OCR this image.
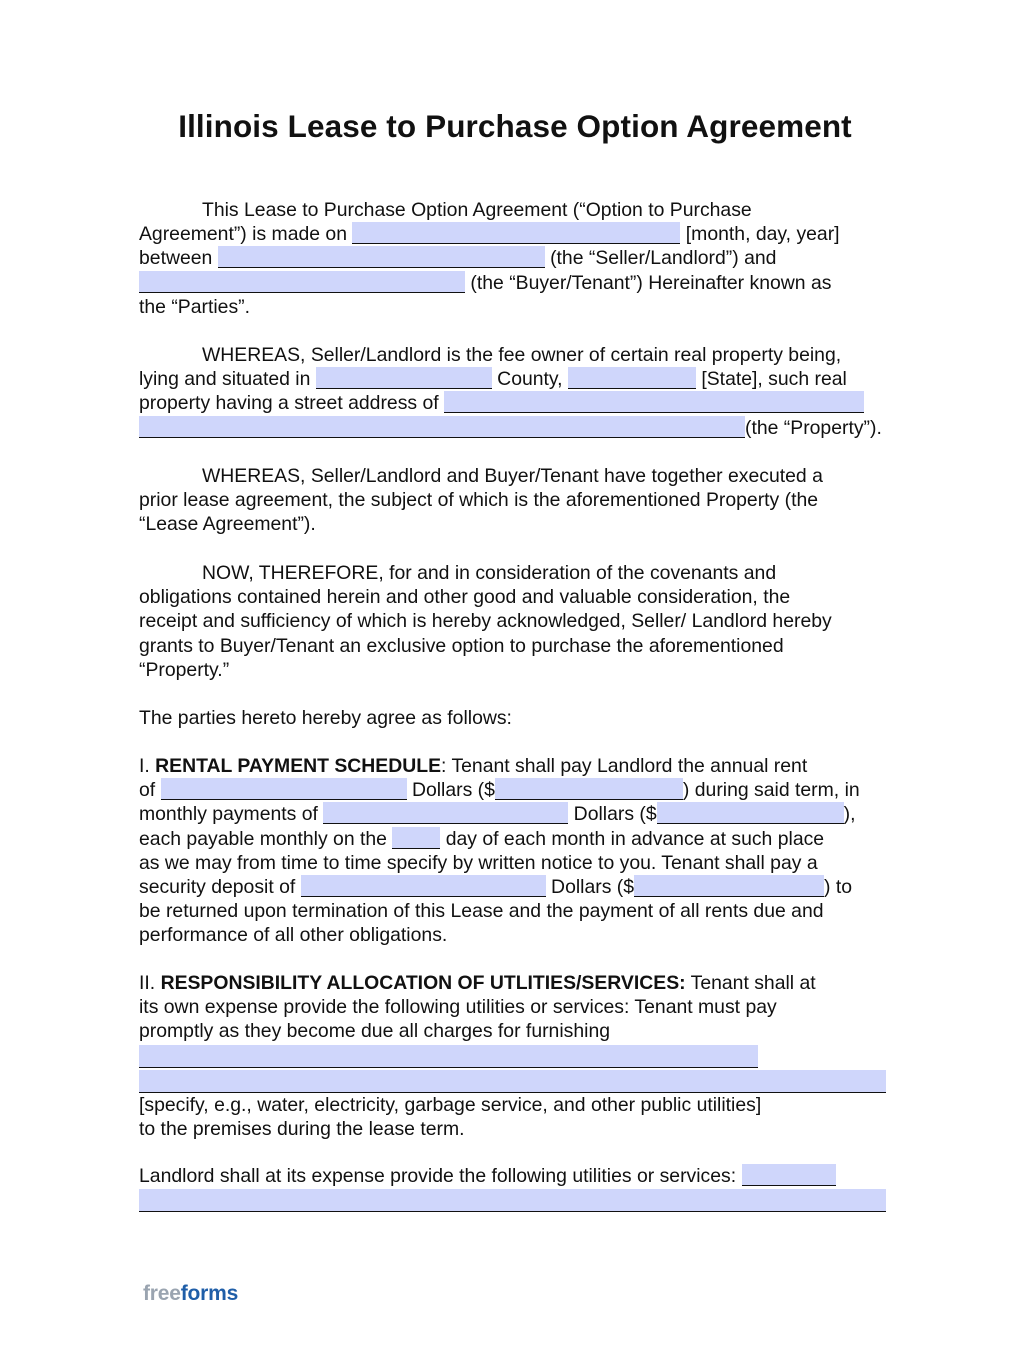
Illinois Lease to Purchase Option Agreement

This Lease to Purchase Option Agreement (“Option to Purchase

Agreement”) is made on	[month, day, year]

between	(the “Seller/Landlord”) and

(the “Buyer/Tenant”) Hereinafter known as

the “Parties”.

WHEREAS, Seller/Landlord is the fee owner of certain real property being,

lying and situated in	County,	[State], such real

property having a street address of

(the “Property”).

WHEREAS, Seller/Landlord and Buyer/Tenant have together executed a

prior lease agreement, the subject of which is the aforementioned Property (the

“Lease Agreement”).

NOW, THEREFORE, for and in consideration of the covenants and

obligations contained herein and other good and valuable consideration, the

receipt and sufficiency of which is hereby acknowledged, Seller/ Landlord hereby

grants to Buyer/Tenant an exclusive option to purchase the aforementioned

“Property.”

The parties hereto hereby agree as follows:

I. RENTAL PAYMENT SCHEDULE: Tenant shall pay Landlord the annual rent

of	Dollars ($	) during said term, in

monthly payments of	Dollars ($	),

each payable monthly on the  day of each month in advance at such place

as we may from time to time specify by written notice to you. Tenant shall pay a

security deposit of	Dollars ($	) to

be returned upon termination of this Lease and the payment of all rents due and

performance of all other obligations.

II. RESPONSIBILITY ALLOCATION OF UTLITIES/SERVICES: Tenant shall at

its own expense provide the following utilities or services: Tenant must pay

promptly as they become due all charges for furnishing

[specify, e.g., water, electricity, garbage service, and other public utilities]

to the premises during the lease term.

Landlord shall at its expense provide the following utilities or services:

freeforms
